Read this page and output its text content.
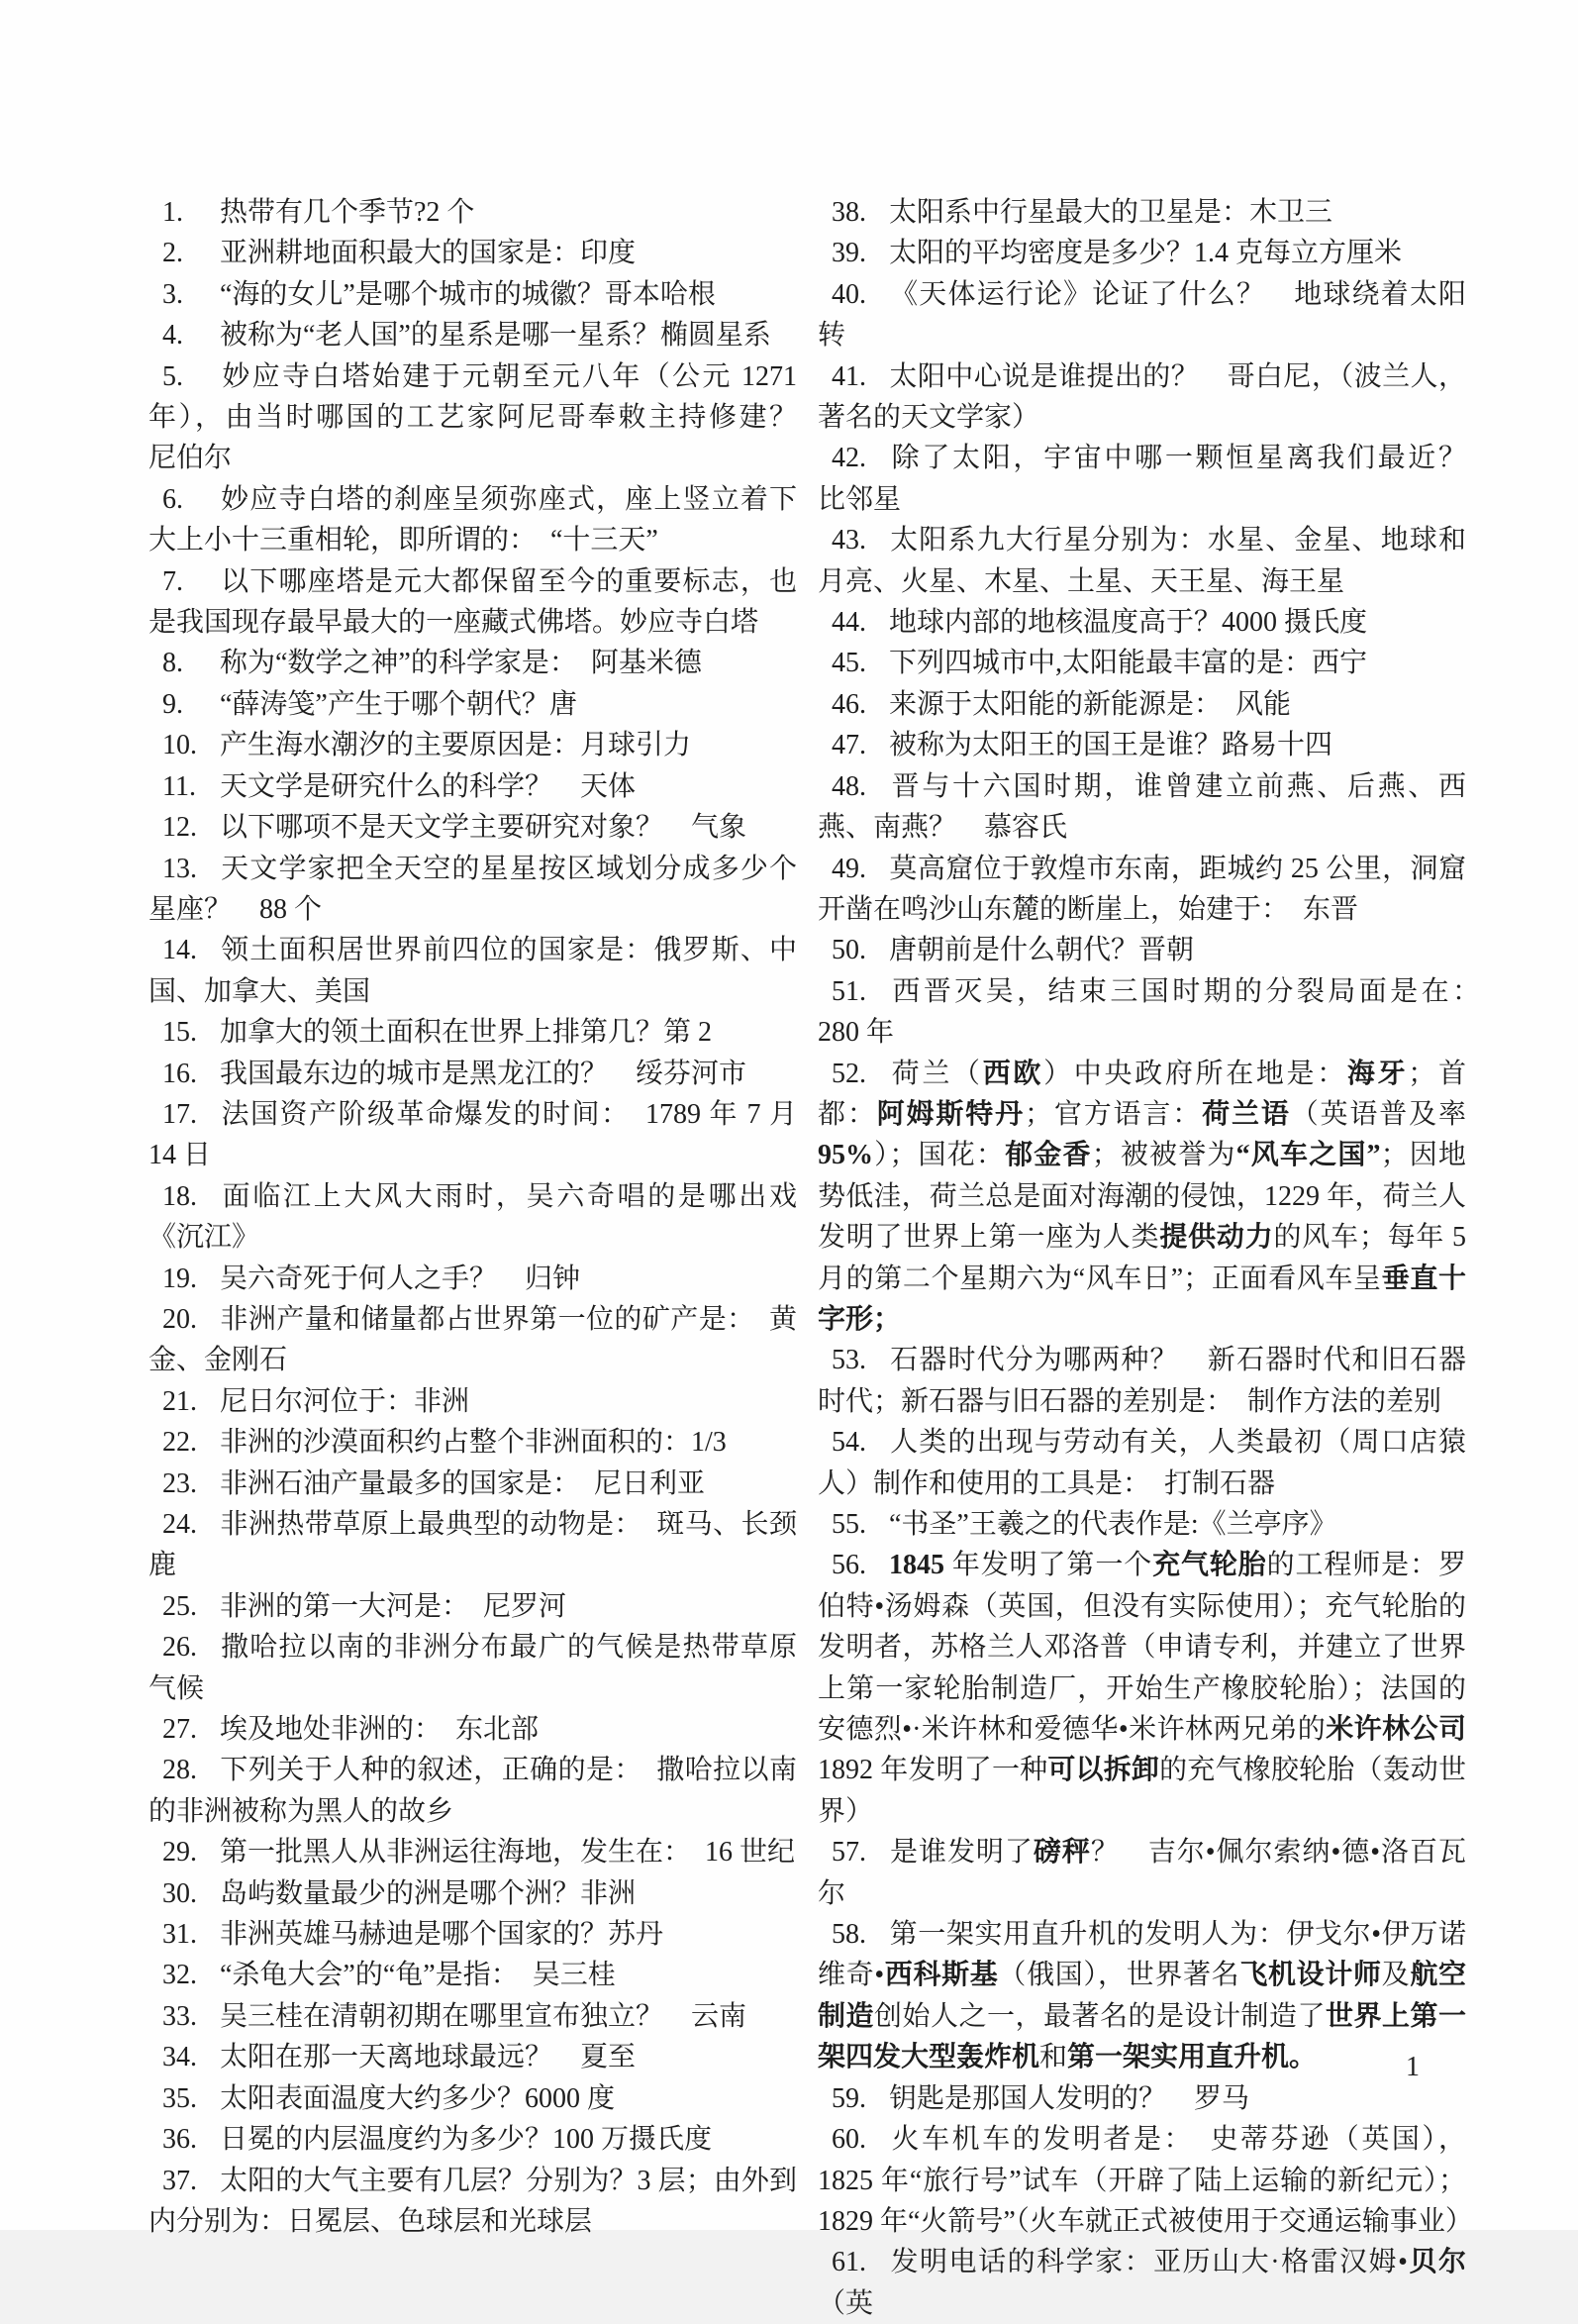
1. 热带有几个季节?2 个
2. 亚洲耕地面积最大的国家是：印度
3. “海的女儿”是哪个城市的城徽？哥本哈根
4. 被称为“老人国”的星系是哪一星系？椭圆星系
5. 妙应寺白塔始建于元朝至元八年（公元 1271 年），由当时哪国的工艺家阿尼哥奉敕主持修建？　尼伯尔
6. 妙应寺白塔的刹座呈须弥座式，座上竖立着下大上小十三重相轮，即所谓的：　“十三天”
7. 以下哪座塔是元大都保留至今的重要标志，也是我国现存最早最大的一座藏式佛塔。妙应寺白塔
8. 称为“数学之神”的科学家是：　阿基米德
9. “薛涛笺”产生于哪个朝代？唐
10. 产生海水潮汐的主要原因是：月球引力
11. 天文学是研究什么的科学？　天体
12. 以下哪项不是天文学主要研究对象？　气象
13. 天文学家把全天空的星星按区域划分成多少个星座？　88 个
14. 领土面积居世界前四位的国家是：俄罗斯、中国、加拿大、美国
15. 加拿大的领土面积在世界上排第几？第 2
16. 我国最东边的城市是黑龙江的？　绥芬河市
17. 法国资产阶级革命爆发的时间：　1789 年 7 月 14 日
18. 面临江上大风大雨时，吴六奇唱的是哪出戏《沉江》
19. 吴六奇死于何人之手？　归钟
20. 非洲产量和储量都占世界第一位的矿产是：　黄金、金刚石
21. 尼日尔河位于：非洲
22. 非洲的沙漠面积约占整个非洲面积的：1/3
23. 非洲石油产量最多的国家是：　尼日利亚
24. 非洲热带草原上最典型的动物是：　斑马、长颈鹿
25. 非洲的第一大河是：　尼罗河
26. 撒哈拉以南的非洲分布最广的气候是热带草原气候
27. 埃及地处非洲的：　东北部
28. 下列关于人种的叙述，正确的是：　撒哈拉以南的非洲被称为黑人的故乡
29. 第一批黑人从非洲运往海地，发生在：　16 世纪
30. 岛屿数量最少的洲是哪个洲？非洲
31. 非洲英雄马赫迪是哪个国家的？苏丹
32. “杀龟大会”的“龟”是指：　吴三桂
33. 吴三桂在清朝初期在哪里宣布独立？　云南
34. 太阳在那一天离地球最远？　夏至
35. 太阳表面温度大约多少？6000 度
36. 日冕的内层温度约为多少？100 万摄氏度
37. 太阳的大气主要有几层？分别为？3 层；由外到内分别为：日冕层、色球层和光球层
38. 太阳系中行星最大的卫星是：木卫三
39. 太阳的平均密度是多少？1.4 克每立方厘米
40. 《天体运行论》论证了什么？　地球绕着太阳转
41. 太阳中心说是谁提出的？　哥白尼，（波兰人，著名的天文学家）
42. 除了太阳，宇宙中哪一颗恒星离我们最近？　比邻星
43. 太阳系九大行星分别为：水星、金星、地球和月亮、火星、木星、土星、天王星、海王星
44. 地球内部的地核温度高于？4000 摄氏度
45. 下列四城市中,太阳能最丰富的是：西宁
46. 来源于太阳能的新能源是：　风能
47. 被称为太阳王的国王是谁？路易十四
48. 晋与十六国时期，谁曾建立前燕、后燕、西燕、南燕？　慕容氏
49. 莫高窟位于敦煌市东南，距城约 25 公里，洞窟开凿在鸣沙山东麓的断崖上，始建于：　东晋
50. 唐朝前是什么朝代？晋朝
51. 西晋灭吴，结束三国时期的分裂局面是在：　280 年
52. 荷兰（西欧）中央政府所在地是：海牙；首都：阿姆斯特丹；官方语言：荷兰语（英语普及率 95%）；国花：郁金香；被被誉为“风车之国”；因地势低洼，荷兰总是面对海潮的侵蚀，1229 年，荷兰人发明了世界上第一座为人类提供动力的风车；每年 5 月的第二个星期六为“风车日”；正面看风车呈垂直十字形；
53. 石器时代分为哪两种？　新石器时代和旧石器时代；新石器与旧石器的差别是：　制作方法的差别
54. 人类的出现与劳动有关，人类最初（周口店猿人）制作和使用的工具是：　打制石器
55. “书圣”王羲之的代表作是:《兰亭序》
56. 1845 年发明了第一个充气轮胎的工程师是：罗伯特•汤姆森（英国，但没有实际使用）；充气轮胎的发明者，苏格兰人邓洛普（申请专利，并建立了世界上第一家轮胎制造厂，开始生产橡胶轮胎）；法国的安德烈•·米许林和爱德华•米许林两兄弟的米许林公司 1892 年发明了一种可以拆卸的充气橡胶轮胎（轰动世界）
57. 是谁发明了磅秤？　吉尔•佩尔索纳•德•洛百瓦尔
58. 第一架实用直升机的发明人为：伊戈尔•伊万诺维奇•西科斯基（俄国），世界著名飞机设计师及航空制造创始人之一，最著名的是设计制造了世界上第一架四发大型轰炸机和第一架实用直升机。
59. 钥匙是那国人发明的？　罗马
60. 火车机车的发明者是：　史蒂芬逊（英国），1825 年“旅行号”试车（开辟了陆上运输的新纪元）；1829 年“火箭号”（火车就正式被使用于交通运输事业）
61. 发明电话的科学家：亚历山大·格雷汉姆•贝尔（英
1
